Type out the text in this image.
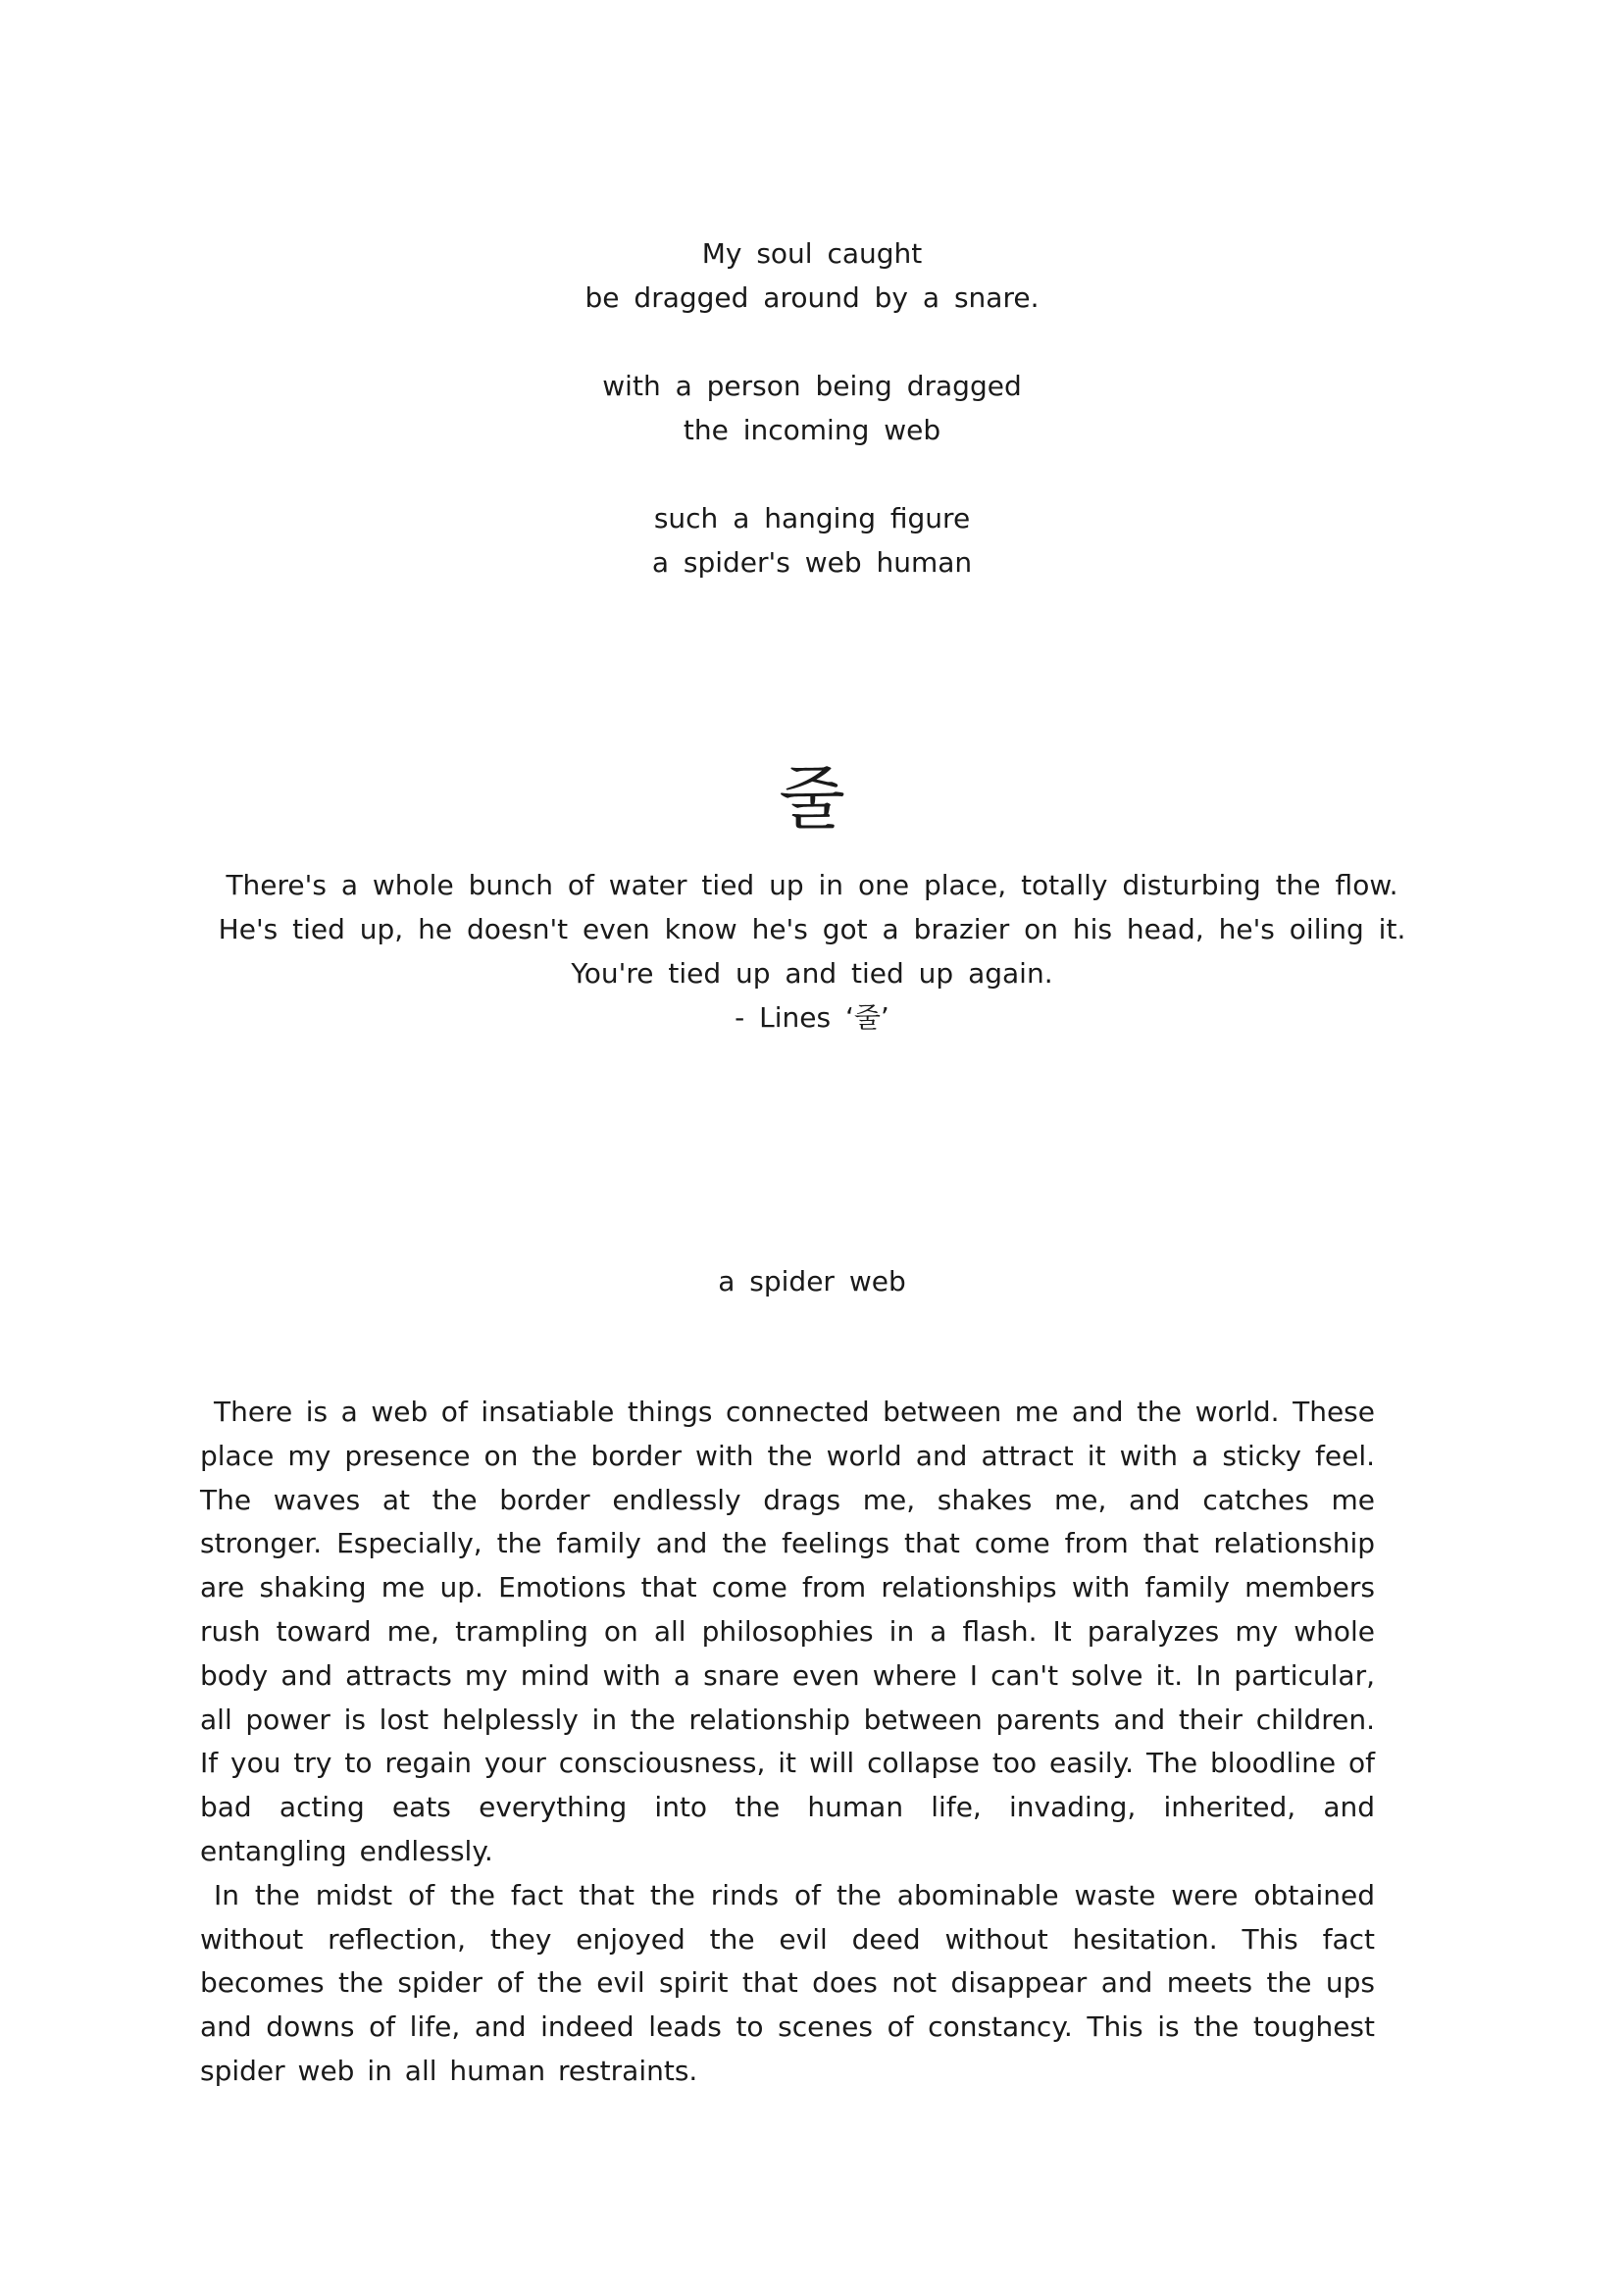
My soul caught
be dragged around by a snare.
with a person being dragged
the incoming web
such a hanging figure
a spider's web human
줄
There's a whole bunch of water tied up in one place, totally disturbing the flow.
He's tied up, he doesn't even know he's got a brazier on his head, he's oiling it.
You're tied up and tied up again.
- Lines ‘줄’
a spider web

There is a web of insatiable things connected between me and the world. These place my presence on the border with the world and attract it with a sticky feel. The waves at the border endlessly drags me, shakes me, and catches me stronger. Especially, the family and the feelings that come from that relationship are shaking me up. Emotions that come from relationships with family members rush toward me, trampling on all philosophies in a flash. It paralyzes my whole body and attracts my mind with a snare even where I can't solve it. In particular, all power is lost helplessly in the relationship between parents and their children. If you try to regain your consciousness, it will collapse too easily. The bloodline of bad acting eats everything into the human life, invading, inherited, and entangling endlessly.

In the midst of the fact that the rinds of the abominable waste were obtained without reflection, they enjoyed the evil deed without hesitation. This fact becomes the spider of the evil spirit that does not disappear and meets the ups and downs of life, and indeed leads to scenes of constancy. This is the toughest spider web in all human restraints.
